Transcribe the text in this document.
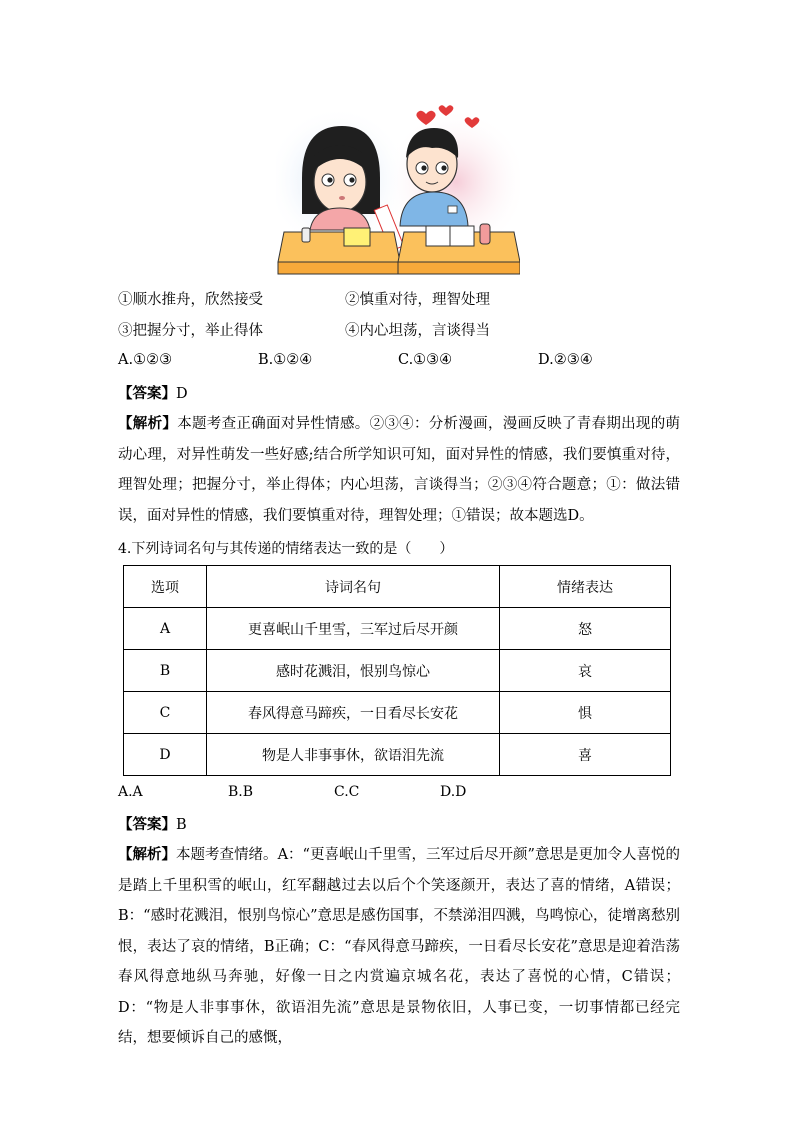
①顺水推舟，欣然接受	②慎重对待，理智处理
③把握分寸，举止得体	④内心坦荡，言谈得当
A.①②③	B.①②④	C.①③④	D.②③④
【答案】D
【解析】本题考查正确面对异性情感。②③④：分析漫画，漫画反映了青春期出现的萌动心理，对异性萌发一些好感;结合所学知识可知，面对异性的情感，我们要慎重对待，理智处理；把握分寸，举止得体；内心坦荡，言谈得当；②③④符合题意；①：做法错误，面对异性的情感，我们要慎重对待，理智处理；①错误；故本题选D。
4.下列诗词名句与其传递的情绪表达一致的是（　　）
选项	诗词名句	情绪表达
A	更喜岷山千里雪，三军过后尽开颜	怒
B	感时花溅泪，恨别鸟惊心	哀
C	春风得意马蹄疾，一日看尽长安花	惧
D	物是人非事事休，欲语泪先流	喜
A.A	B.B	C.C	D.D
【答案】B
【解析】本题考查情绪。A：“更喜岷山千里雪，三军过后尽开颜”意思是更加令人喜悦的是踏上千里积雪的岷山，红军翻越过去以后个个笑逐颜开，表达了喜的情绪，A错误；B：“感时花溅泪，恨别鸟惊心”意思是感伤国事，不禁涕泪四溅，鸟鸣惊心，徒增离愁别恨，表达了哀的情绪，B正确；C：“春风得意马蹄疾，一日看尽长安花”意思是迎着浩荡春风得意地纵马奔驰，好像一日之内赏遍京城名花，表达了喜悦的心情，C错误；D：“物是人非事事休，欲语泪先流”意思是景物依旧，人事已变，一切事情都已经完结，想要倾诉自己的感慨，
